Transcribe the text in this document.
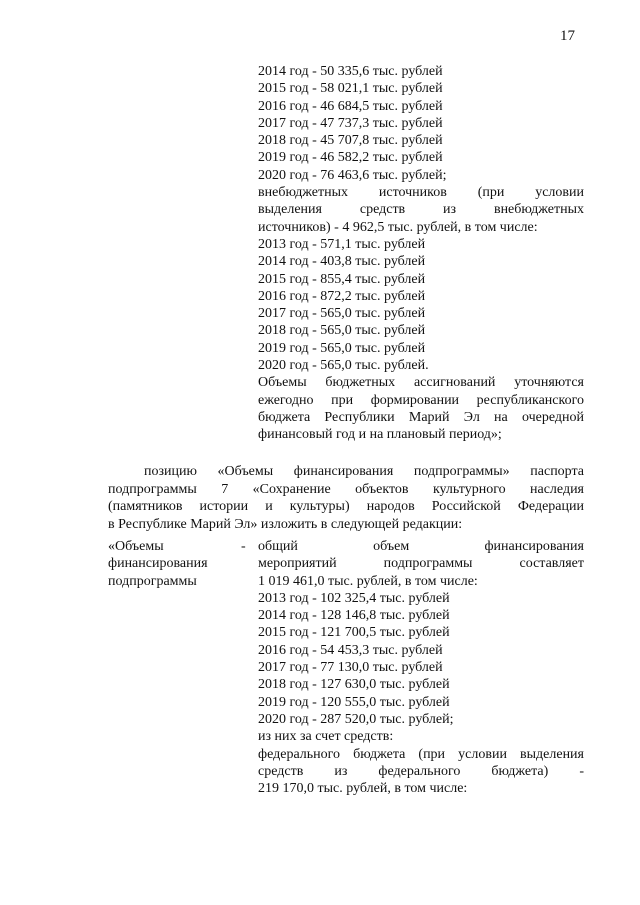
17
2014 год - 50 335,6 тыс. рублей
2015 год - 58 021,1 тыс. рублей
2016 год - 46 684,5 тыс. рублей
2017 год - 47 737,3 тыс. рублей
2018 год - 45 707,8 тыс. рублей
2019 год - 46 582,2 тыс. рублей
2020 год - 76 463,6 тыс. рублей;
внебюджетных источников (при условии
выделения	средств	из	внебюджетных
источников) - 4 962,5 тыс. рублей, в том числе:
2013 год - 571,1 тыс. рублей
2014 год - 403,8 тыс. рублей
2015 год - 855,4 тыс. рублей
2016 год - 872,2 тыс. рублей
2017 год - 565,0 тыс. рублей
2018 год - 565,0 тыс. рублей
2019 год - 565,0 тыс. рублей
2020 год - 565,0 тыс. рублей.
Объемы бюджетных ассигнований уточняются
ежегодно при формировании республиканского
бюджета Республики Марий Эл на очередной
финансовый год и на плановый период»;
позицию «Объемы финансирования подпрограммы» паспорта
подпрограммы 7 «Сохранение объектов культурного наследия
(памятников истории и культуры) народов Российской Федерации
в Республике Марий Эл» изложить в следующей редакции:
«Объемы
финансирования
подпрограммы
- общий	объем	финансирования
мероприятий	подпрограммы	составляет
1 019 461,0 тыс. рублей, в том числе:
2013 год - 102 325,4 тыс. рублей
2014 год - 128 146,8 тыс. рублей
2015 год - 121 700,5 тыс. рублей
2016 год - 54 453,3 тыс. рублей
2017 год - 77 130,0 тыс. рублей
2018 год - 127 630,0 тыс. рублей
2019 год - 120 555,0 тыс. рублей
2020 год - 287 520,0 тыс. рублей;
из них за счет средств:
федерального бюджета (при условии выделения
средств из федерального бюджета) -
219 170,0 тыс. рублей, в том числе:
